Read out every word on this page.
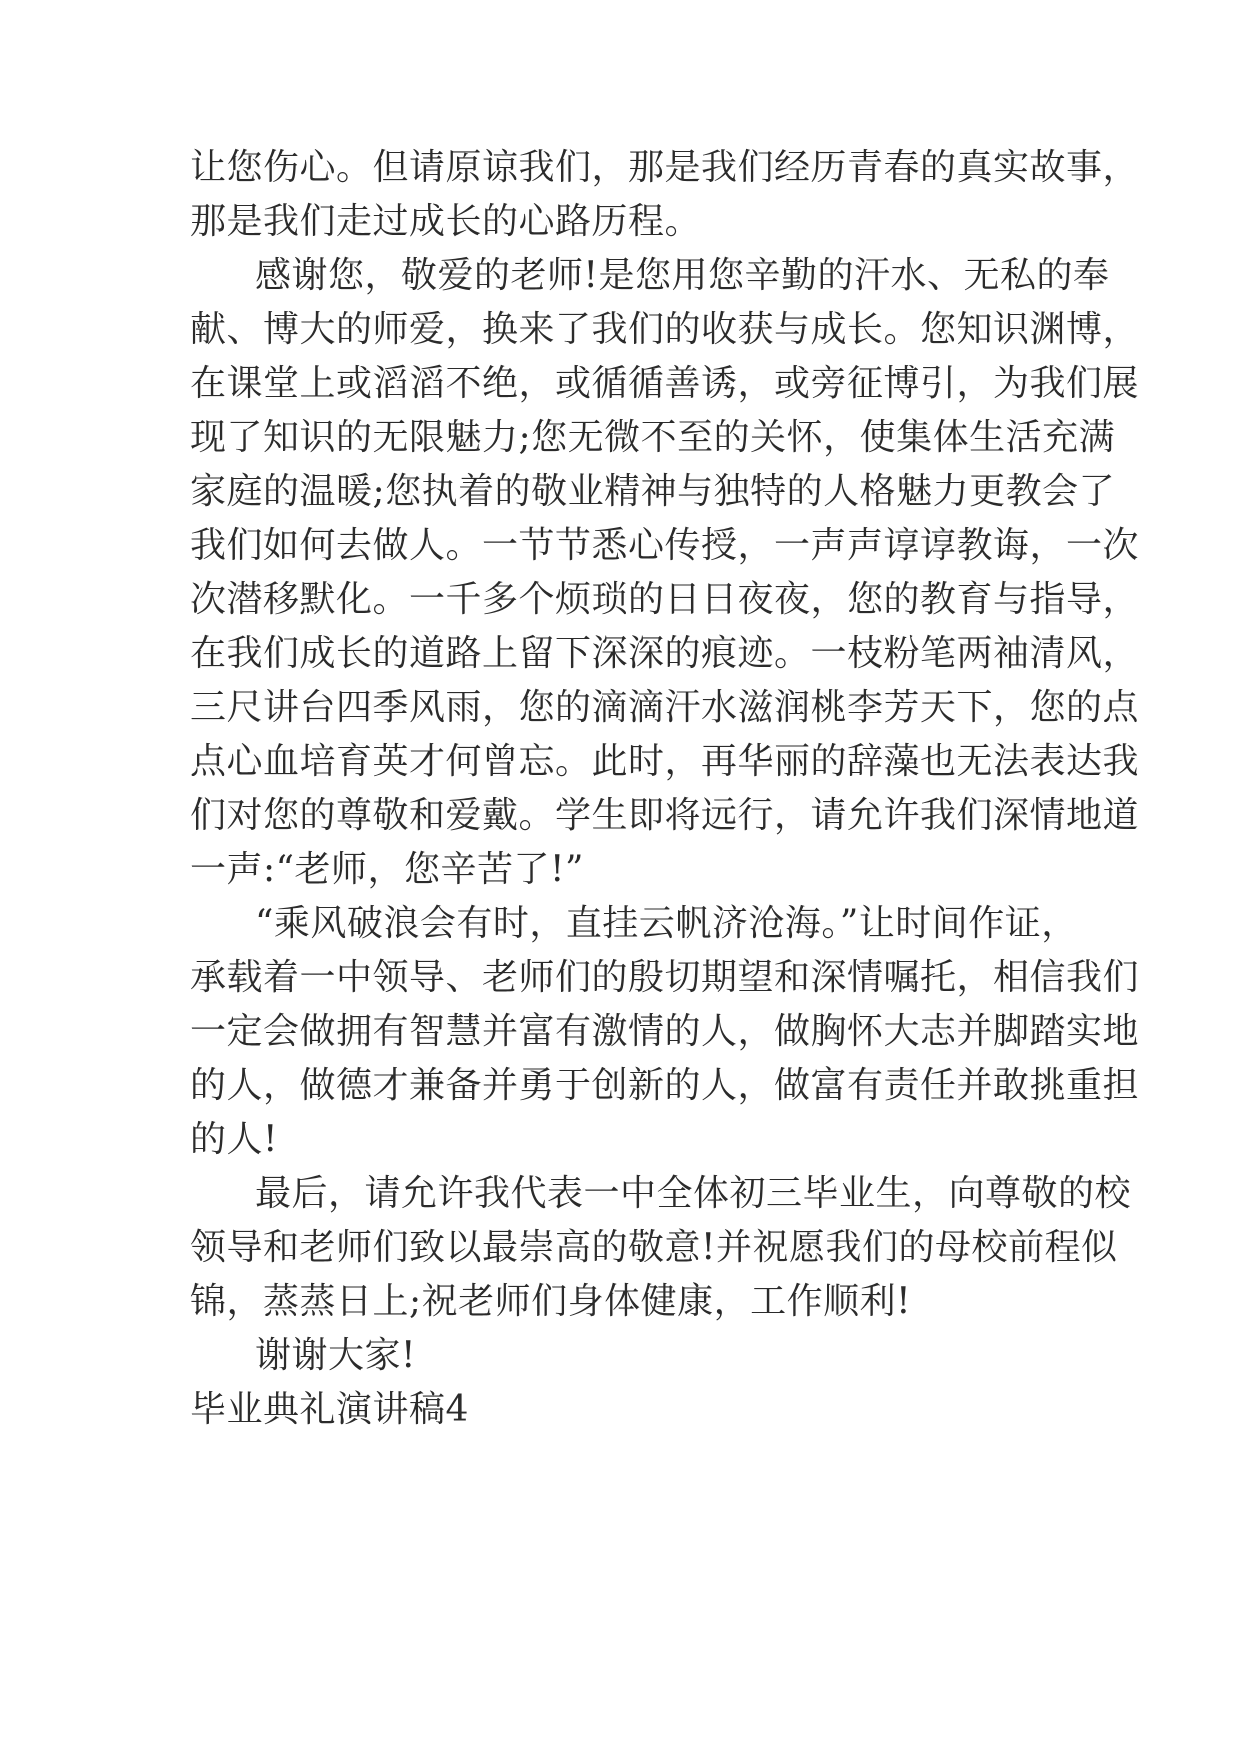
让您伤心。但请原谅我们，那是我们经历青春的真实故事，
那是我们走过成长的心路历程。
感谢您，敬爱的老师!是您用您辛勤的汗水、无私的奉
献、博大的师爱，换来了我们的收获与成长。您知识渊博，
在课堂上或滔滔不绝，或循循善诱，或旁征博引，为我们展
现了知识的无限魅力;您无微不至的关怀，使集体生活充满
家庭的温暖;您执着的敬业精神与独特的人格魅力更教会了
我们如何去做人。一节节悉心传授，一声声谆谆教诲，一次
次潜移默化。一千多个烦琐的日日夜夜，您的教育与指导，
在我们成长的道路上留下深深的痕迹。一枝粉笔两袖清风，
三尺讲台四季风雨，您的滴滴汗水滋润桃李芳天下，您的点
点心血培育英才何曾忘。此时，再华丽的辞藻也无法表达我
们对您的尊敬和爱戴。学生即将远行，请允许我们深情地道
一声:“老师，您辛苦了!”
“乘风破浪会有时，直挂云帆济沧海。”让时间作证，
承载着一中领导、老师们的殷切期望和深情嘱托，相信我们
一定会做拥有智慧并富有激情的人，做胸怀大志并脚踏实地
的人，做德才兼备并勇于创新的人，做富有责任并敢挑重担
的人!
最后，请允许我代表一中全体初三毕业生，向尊敬的校
领导和老师们致以最崇高的敬意!并祝愿我们的母校前程似
锦，蒸蒸日上;祝老师们身体健康，工作顺利!
谢谢大家!
毕业典礼演讲稿4
